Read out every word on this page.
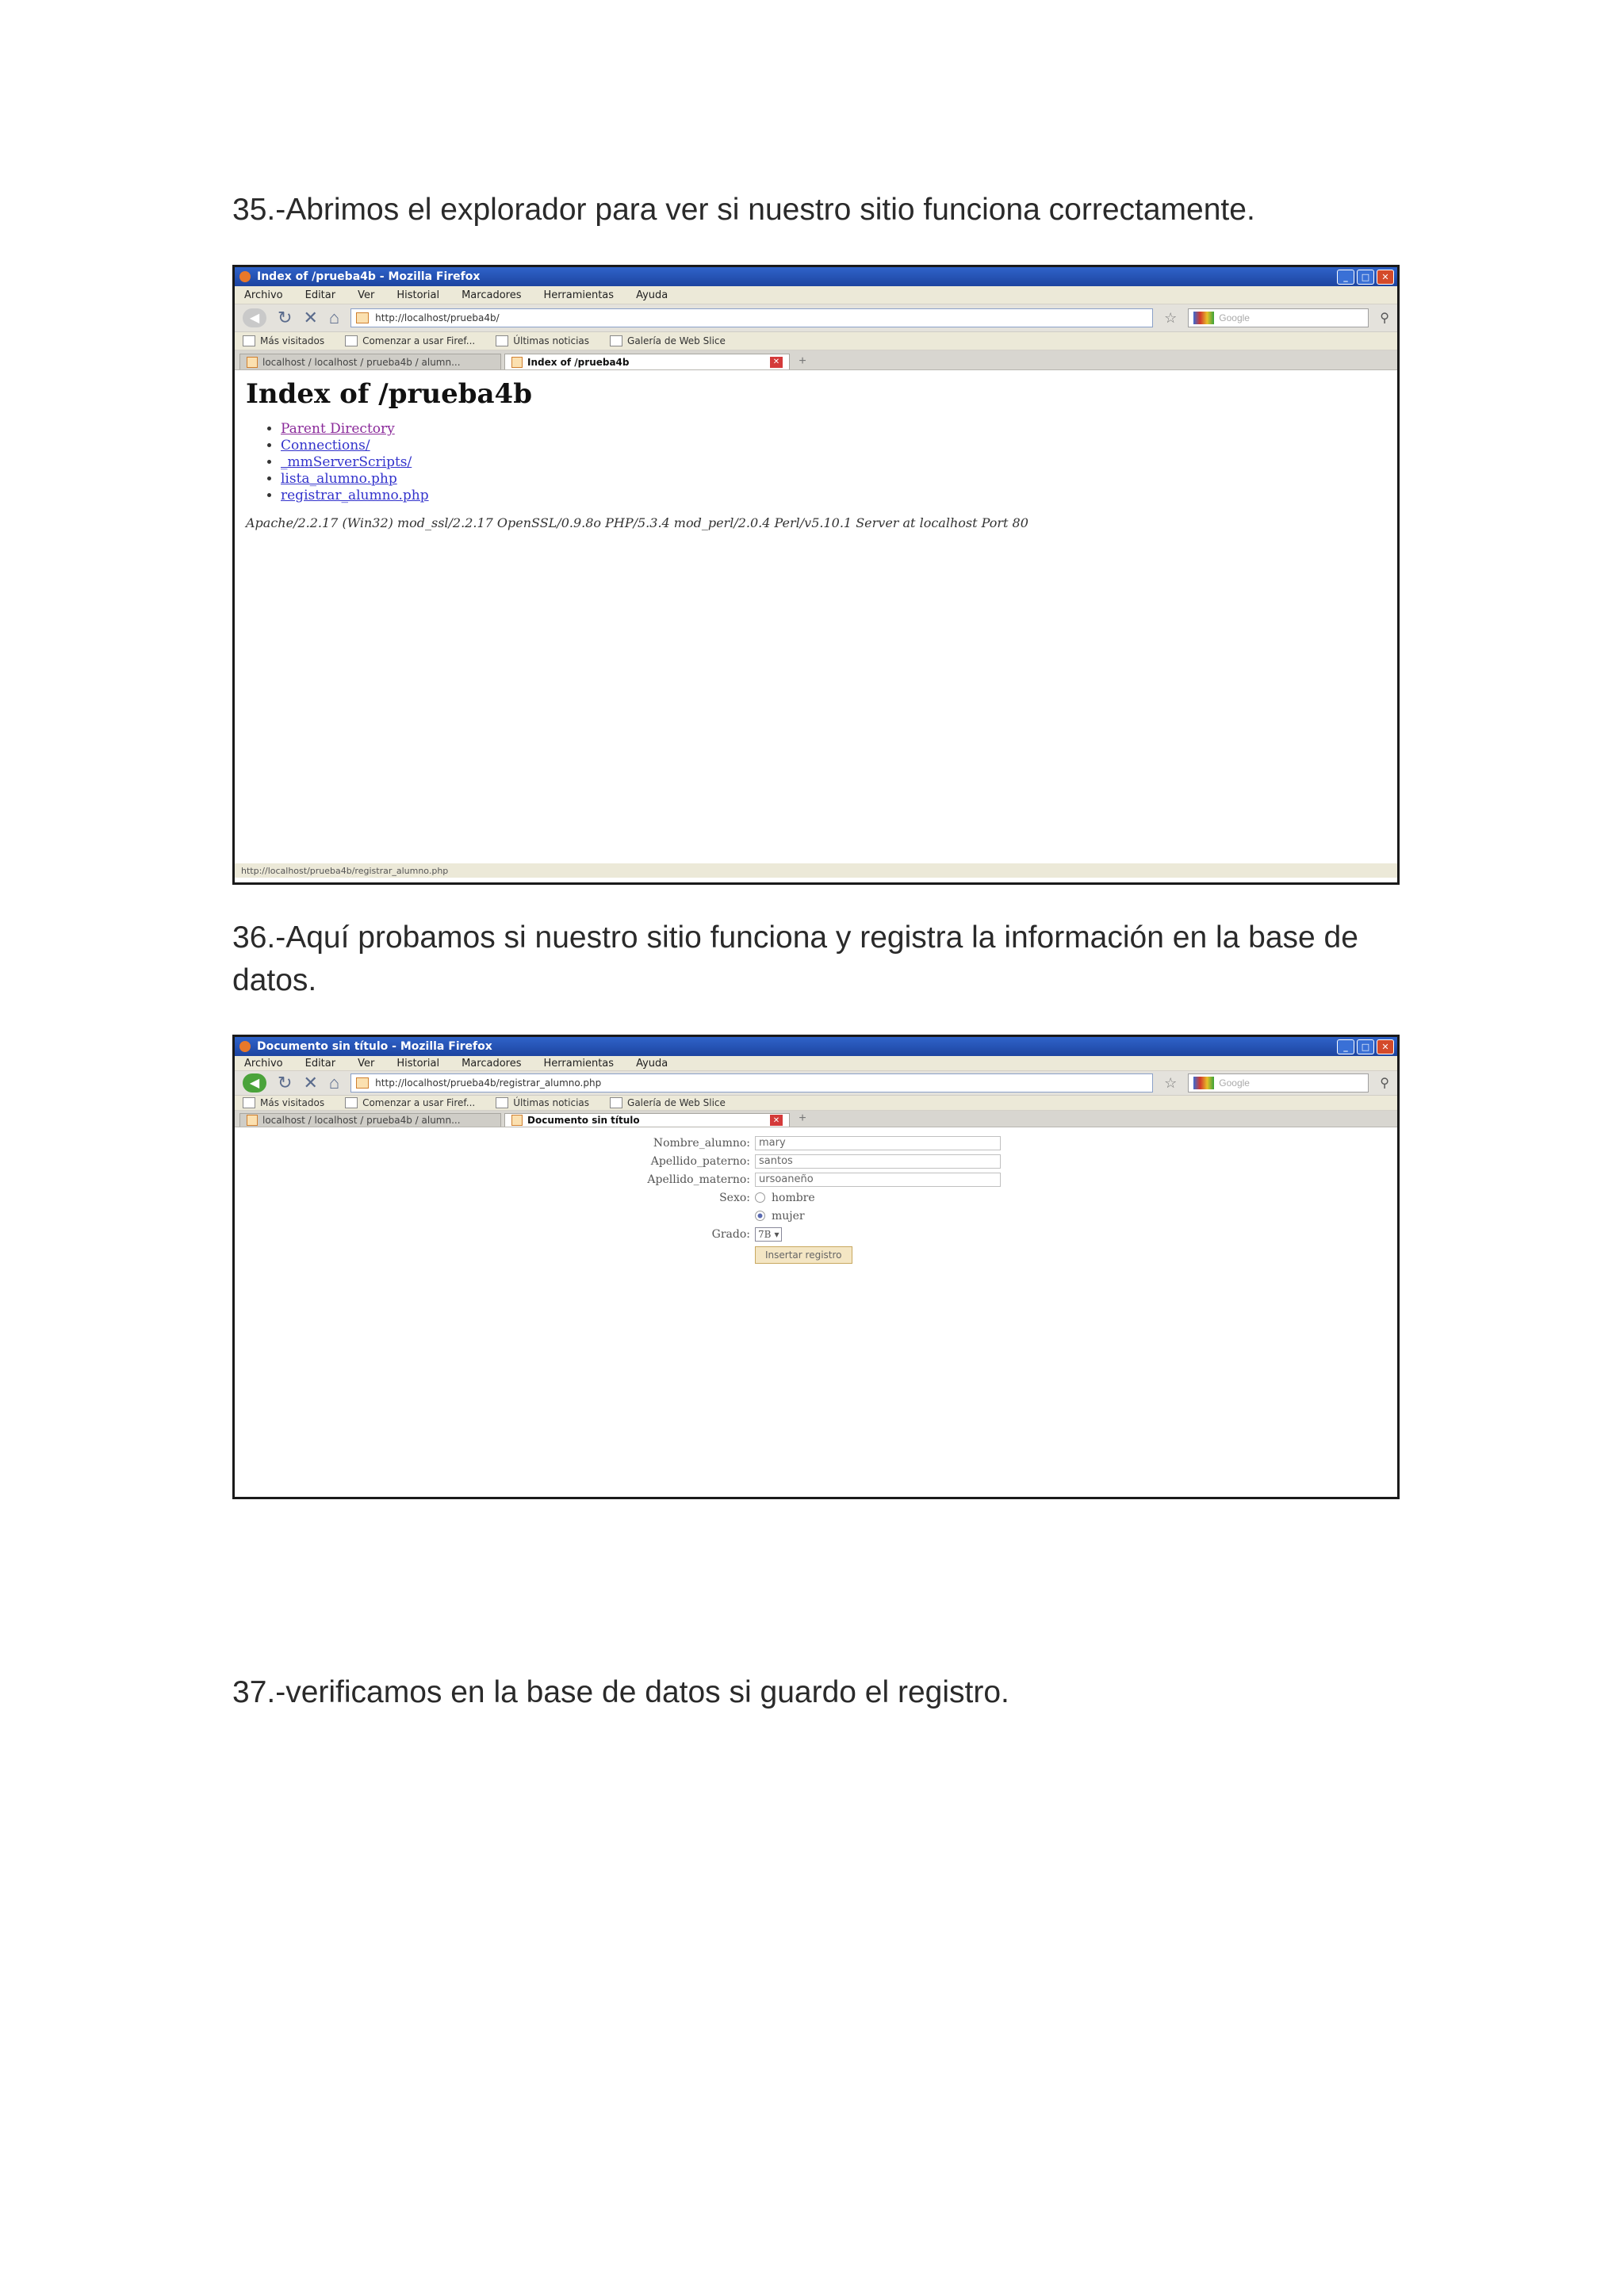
35.-Abrimos el explorador para ver si nuestro sitio funciona correctamente.

Index of /prueba4b - Mozilla Firefox	_	□	✕
Archivo Editar Ver Historial Marcadores Herramientas Ayuda
◀	↻ ✕ ⌂	http://localhost/prueba4b/	☆	Google	⚲
Más visitados	Comenzar a usar Firef...	Últimas noticias	Galería de Web Slice
localhost / localhost / prueba4b / alumn...	Index of /prueba4b	✕	+
Index of /prueba4b
• Parent Directory
• Connections/
• _mmServerScripts/
• lista_alumno.php
• registrar_alumno.php
Apache/2.2.17 (Win32) mod_ssl/2.2.17 OpenSSL/0.9.8o PHP/5.3.4 mod_perl/2.0.4 Perl/v5.10.1 Server at localhost Port 80
http://localhost/prueba4b/registrar_alumno.php

36.-Aquí probamos si nuestro sitio funciona y registra la información en la base de datos.

Documento sin título - Mozilla Firefox	_	□	✕
Archivo Editar Ver Historial Marcadores Herramientas Ayuda
◀	↻ ✕ ⌂	http://localhost/prueba4b/registrar_alumno.php	☆	Google	⚲
Más visitados	Comenzar a usar Firef...	Últimas noticias	Galería de Web Slice
localhost / localhost / prueba4b / alumn...	Documento sin título	✕	+
Nombre_alumno: mary
Apellido_paterno: santos
Apellido_materno: ursoaneño
Sexo:	hombre
mujer
Grado: 7B ▾
Insertar registro

37.-verificamos en la base de datos si guardo el registro.
